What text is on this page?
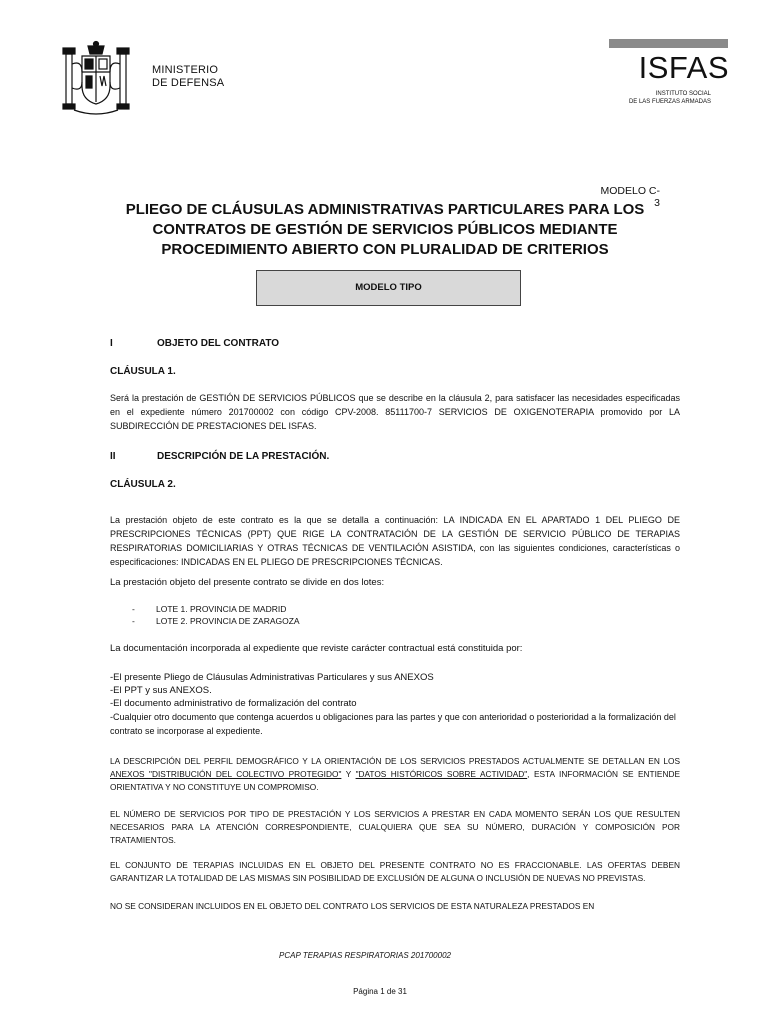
MINISTERIO
DE DEFENSA	ISFAS
INSTITUTO SOCIAL
DE LAS FUERZAS ARMADAS
MODELO C-3
PLIEGO DE CLÁUSULAS ADMINISTRATIVAS PARTICULARES PARA LOS
CONTRATOS DE GESTIÓN DE SERVICIOS PÚBLICOS MEDIANTE
PROCEDIMIENTO ABIERTO CON PLURALIDAD DE CRITERIOS
MODELO TIPO
I	OBJETO DEL CONTRATO
CLÁUSULA 1.
Será la prestación de GESTIÓN DE SERVICIOS PÚBLICOS que se describe en la cláusula 2, para satisfacer las necesidades especificadas en el expediente número 201700002 con código CPV-2008. 85111700-7 SERVICIOS DE OXIGENOTERAPIA promovido por LA SUBDIRECCIÓN DE PRESTACIONES DEL ISFAS.
II	DESCRIPCIÓN DE LA PRESTACIÓN.
CLÁUSULA 2.
La prestación objeto de este contrato es la que se detalla a continuación: LA INDICADA EN EL APARTADO 1 DEL PLIEGO DE PRESCRIPCIONES TÉCNICAS (PPT) QUE RIGE LA CONTRATACIÓN DE LA GESTIÓN DE SERVICIO PÚBLICO DE TERAPIAS RESPIRATORIAS DOMICILIARIAS Y OTRAS TÉCNICAS DE VENTILACIÓN ASISTIDA, con las siguientes condiciones, características o especificaciones: INDICADAS EN EL PLIEGO DE PRESCRIPCIONES TÉCNICAS.
La prestación objeto del presente contrato se divide en dos lotes:
- LOTE 1. PROVINCIA DE MADRID
- LOTE 2. PROVINCIA DE ZARAGOZA
La documentación incorporada al expediente que reviste carácter contractual está constituida por:
-El presente Pliego de Cláusulas Administrativas Particulares y sus ANEXOS
-El PPT y sus ANEXOS.
-El documento administrativo de formalización del contrato
-Cualquier otro documento que contenga acuerdos u obligaciones para las partes y que con anterioridad o posterioridad a la formalización del contrato se incorporase al expediente.
LA DESCRIPCIÓN DEL PERFIL DEMOGRÁFICO Y LA ORIENTACIÓN DE LOS SERVICIOS PRESTADOS ACTUALMENTE SE DETALLAN EN LOS ANEXOS "DISTRIBUCIÓN DEL COLECTIVO PROTEGIDO" Y "DATOS HISTÓRICOS SOBRE ACTIVIDAD", ESTA INFORMACIÓN SE ENTIENDE ORIENTATIVA Y NO CONSTITUYE UN COMPROMISO.
EL NÚMERO DE SERVICIOS POR TIPO DE PRESTACIÓN Y LOS SERVICIOS A PRESTAR EN CADA MOMENTO SERÁN LOS QUE RESULTEN NECESARIOS PARA LA ATENCIÓN CORRESPONDIENTE, CUALQUIERA QUE SEA SU NÚMERO, DURACIÓN Y COMPOSICIÓN POR TRATAMIENTOS.
EL CONJUNTO DE TERAPIAS INCLUIDAS EN EL OBJETO DEL PRESENTE CONTRATO NO ES FRACCIONABLE. LAS OFERTAS DEBEN GARANTIZAR LA TOTALIDAD DE LAS MISMAS SIN POSIBILIDAD DE EXCLUSIÓN DE ALGUNA O INCLUSIÓN DE NUEVAS NO PREVISTAS.
NO SE CONSIDERAN INCLUIDOS EN EL OBJETO DEL CONTRATO LOS SERVICIOS DE ESTA NATURALEZA PRESTADOS EN
PCAP TERAPIAS RESPIRATORIAS 201700002
Página 1 de 31
